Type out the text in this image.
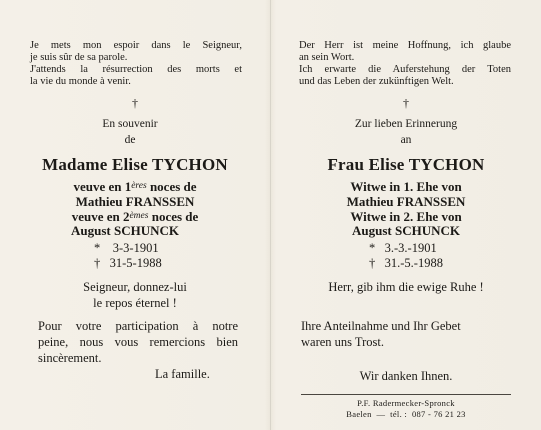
Je mets mon espoir dans le Seigneur,
je suis sûr de sa parole.
J'attends la résurrection des morts et
la vie du monde à venir.
†
En souvenir
de
Madame Elise TYCHON
veuve en 1ères noces de
Mathieu FRANSSEN
veuve en 2èmes noces de
August SCHUNCK
*    3-3-1901
†   31-5-1988
Seigneur, donnez-lui
le repos éternel !
Pour votre participation à notre
peine, nous vous remercions bien
sincèrement.
La famille.
Der Herr ist meine Hoffnung, ich glaube
an sein Wort.
Ich erwarte die Auferstehung der Toten
und das Leben der zukünftigen Welt.
†
Zur lieben Erinnerung
an
Frau Elise TYCHON
Witwe in 1. Ehe von
Mathieu FRANSSEN
Witwe in 2. Ehe von
August SCHUNCK
*   3.-3.-1901
†   31.-5.-1988
Herr, gib ihm die ewige Ruhe !
Ihre Anteilnahme und Ihr Gebet
waren uns Trost.
Wir danken Ihnen.
P.F. Radermecker-Spronck
Baelen  —  tél. :  087 - 76 21 23
